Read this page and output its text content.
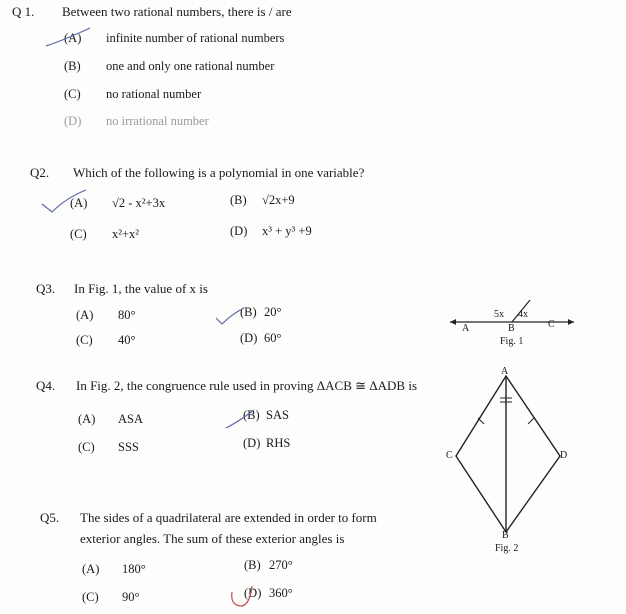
Q 1. Between two rational numbers, there is / are
(A) infinite number of rational numbers
(B) one and only one rational number
(C) no rational number
(D) no irrational number
Q2. Which of the following is a polynomial in one variable?
(A) √2 - x²+3x	(B) √2x+9
(C) x²+x²	(D) x³ + y³ +9
Q3. In Fig. 1, the value of x is
(A) 80°	(B) 20°
(C) 40°	(D) 60°
5x 4x
A	B	C
Fig. 1
Q4. In Fig. 2, the congruence rule used in proving ΔACB ≅ ΔADB is
(A) ASA	(B) SAS
(C) SSS	(D) RHS
A
C	D
B
Fig. 2
Q5. The sides of a quadrilateral are extended in order to form
exterior angles. The sum of these exterior angles is
(A) 180°	(B) 270°
(C) 90°	(D) 360°
